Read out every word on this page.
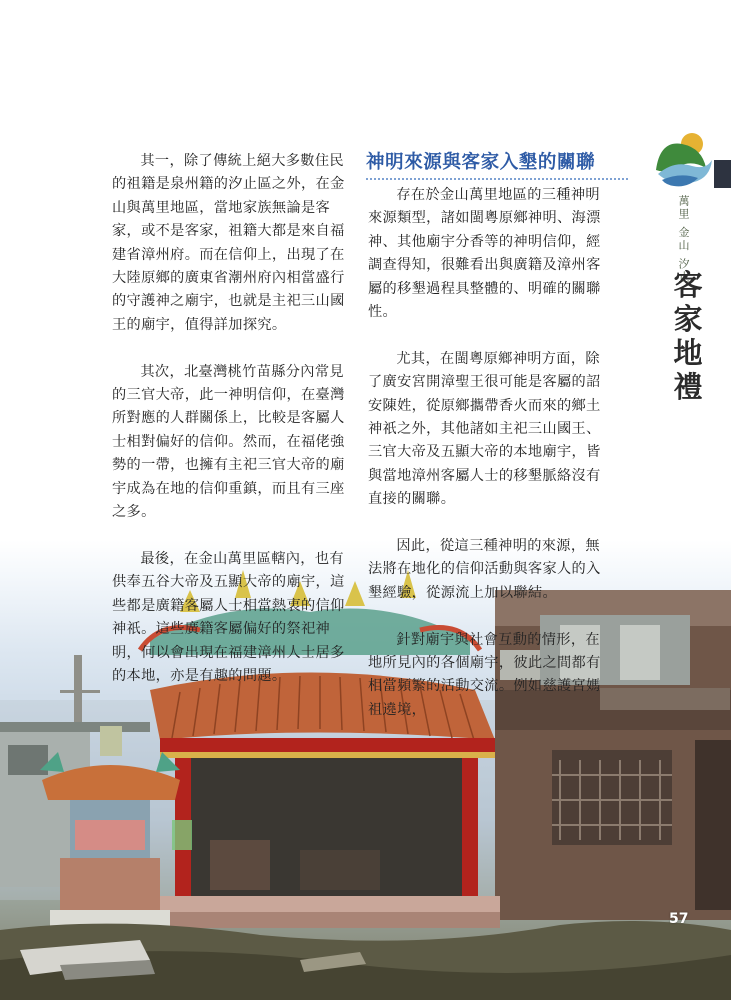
萬里 金山 汐止
客家地禮

其一，除了傳統上絕大多數住民的祖籍是泉州籍的汐止區之外，在金山與萬里地區，當地家族無論是客家，或不是客家，祖籍大都是來自福建省漳州府。而在信仰上，出現了在大陸原鄉的廣東省潮州府內相當盛行的守護神之廟宇，也就是主祀三山國王的廟宇，值得詳加探究。

其次，北臺灣桃竹苗縣分內常見的三官大帝，此一神明信仰，在臺灣所對應的人群關係上，比較是客屬人士相對偏好的信仰。然而，在福佬強勢的一帶，也擁有主祀三官大帝的廟宇成為在地的信仰重鎮，而且有三座之多。

最後，在金山萬里區轄內，也有供奉五谷大帝及五顯大帝的廟宇，這些都是廣籍客屬人士相當熱衷的信仰神祇。這些廣籍客屬偏好的祭祀神明，何以會出現在福建漳州人士居多的本地，亦是有趣的問題。

神明來源與客家入墾的關聯

存在於金山萬里地區的三種神明來源類型，諸如閩粵原鄉神明、海漂神、其他廟宇分香等的神明信仰，經調查得知，很難看出與廣籍及漳州客屬的移墾過程具整體的、明確的關聯性。

尤其，在閩粵原鄉神明方面，除了廣安宮開漳聖王很可能是客屬的詔安陳姓，從原鄉攜帶香火而來的鄉土神祇之外，其他諸如主祀三山國王、三官大帝及五顯大帝的本地廟宇，皆與當地漳州客屬人士的移墾脈絡沒有直接的關聯。

因此，從這三種神明的來源，無法將在地化的信仰活動與客家人的入墾經驗，從源流上加以聯結。

針對廟宇與社會互動的情形，在地所見內的各個廟宇，彼此之間都有相當頻繁的活動交流。例如慈護宮媽祖遶境，

57
